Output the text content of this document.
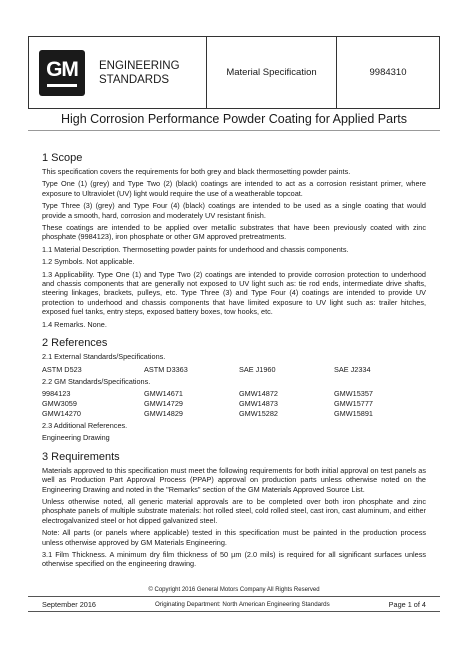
GM ENGINEERING
STANDARDS
Material Specification	9984310
High Corrosion Performance Powder Coating for Applied Parts
1 Scope

This specification covers the requirements for both grey and black thermosetting powder paints.

Type One (1) (grey) and Type Two (2) (black) coatings are intended to act as a corrosion resistant primer, where exposure to Ultraviolet (UV) light would require the use of a weatherable topcoat.

Type Three (3) (grey) and Type Four (4) (black) coatings are intended to be used as a single coating that would provide a smooth, hard, corrosion and moderately UV resistant finish.

These coatings are intended to be applied over metallic substrates that have been previously coated with zinc phosphate (9984123), iron phosphate or other GM approved pretreatments.

1.1 Material Description. Thermosetting powder paints for underhood and chassis components.

1.2 Symbols. Not applicable.

1.3 Applicability. Type One (1) and Type Two (2) coatings are intended to provide corrosion protection to underhood and chassis components that are generally not exposed to UV light such as: tie rod ends, intermediate drive shafts, steering linkages, brackets, pulleys, etc. Type Three (3) and Type Four (4) coatings are intended to provide UV protection to underhood and chassis components that have limited exposure to UV light such as: trailer hitches, exposed fuel tanks, entry steps, exposed battery boxes, tow hooks, etc.

1.4 Remarks. None.

2 References

2.1 External Standards/Specifications.

ASTM D523	ASTM D3363	SAE J1960	SAE J2334

2.2 GM Standards/Specifications.

9984123	GMW14671	GMW14872	GMW15357
GMW3059	GMW14729	GMW14873	GMW15777
GMW14270	GMW14829	GMW15282	GMW15891

2.3 Additional References.

Engineering Drawing

3 Requirements

Materials approved to this specification must meet the following requirements for both initial approval on test panels as well as Production Part Approval Process (PPAP) approval on production parts unless otherwise noted on the Engineering Drawing and noted in the "Remarks" section of the GM Materials Approved Source List.

Unless otherwise noted, all generic material approvals are to be completed over both iron phosphate and zinc phosphate panels of multiple substrate materials: hot rolled steel, cold rolled steel, cast iron, cast aluminum, and either electrogalvanized steel or hot dipped galvanized steel.

Note: All parts (or panels where applicable) tested in this specification must be painted in the production process unless otherwise approved by GM Materials Engineering.

3.1 Film Thickness. A minimum dry film thickness of 50 µm (2.0 mils) is required for all significant surfaces unless otherwise specified on the engineering drawing.

© Copyright 2016 General Motors Company All Rights Reserved
September 2016	Originating Department: North American Engineering Standards	Page 1 of 4
